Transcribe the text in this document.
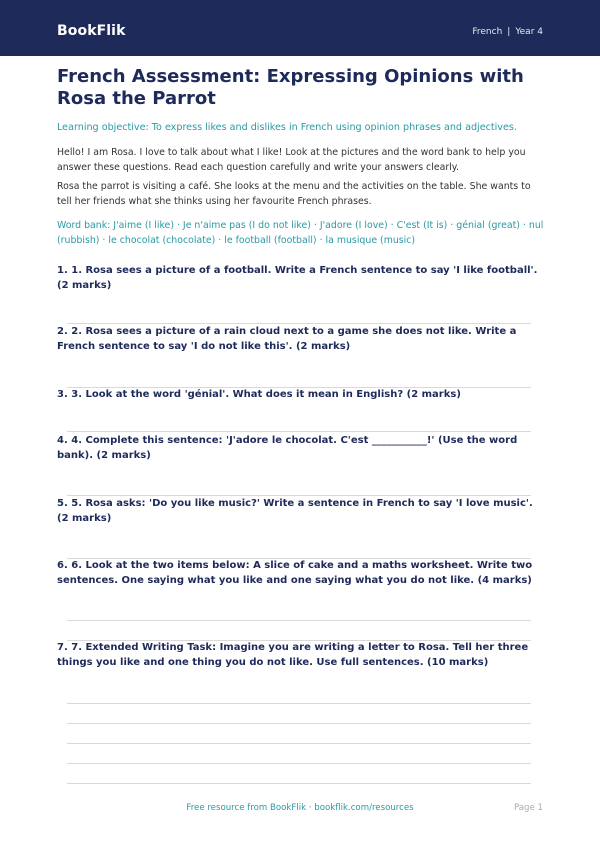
BookFlik	French | Year 4
French Assessment: Expressing Opinions with Rosa the Parrot
Learning objective: To express likes and dislikes in French using opinion phrases and adjectives.

Hello! I am Rosa. I love to talk about what I like! Look at the pictures and the word bank to help you answer these questions. Read each question carefully and write your answers clearly.

Rosa the parrot is visiting a café. She looks at the menu and the activities on the table. She wants to tell her friends what she thinks using her favourite French phrases.

Word bank: J'aime (I like) · Je n'aime pas (I do not like) · J'adore (I love) · C'est (It is) · génial (great) · nul (rubbish) · le chocolat (chocolate) · le football (football) · la musique (music)

1. 1. Rosa sees a picture of a football. Write a French sentence to say 'I like football'. (2 marks)

2. 2. Rosa sees a picture of a rain cloud next to a game she does not like. Write a French sentence to say 'I do not like this'. (2 marks)

3. 3. Look at the word 'génial'. What does it mean in English? (2 marks)

4. 4. Complete this sentence: 'J'adore le chocolat. C'est ___________!' (Use the word bank). (2 marks)

5. 5. Rosa asks: 'Do you like music?' Write a sentence in French to say 'I love music'. (2 marks)

6. 6. Look at the two items below: A slice of cake and a maths worksheet. Write two sentences. One saying what you like and one saying what you do not like. (4 marks)

7. 7. Extended Writing Task: Imagine you are writing a letter to Rosa. Tell her three things you like and one thing you do not like. Use full sentences. (10 marks)

Free resource from BookFlik · bookflik.com/resources	Page 1
